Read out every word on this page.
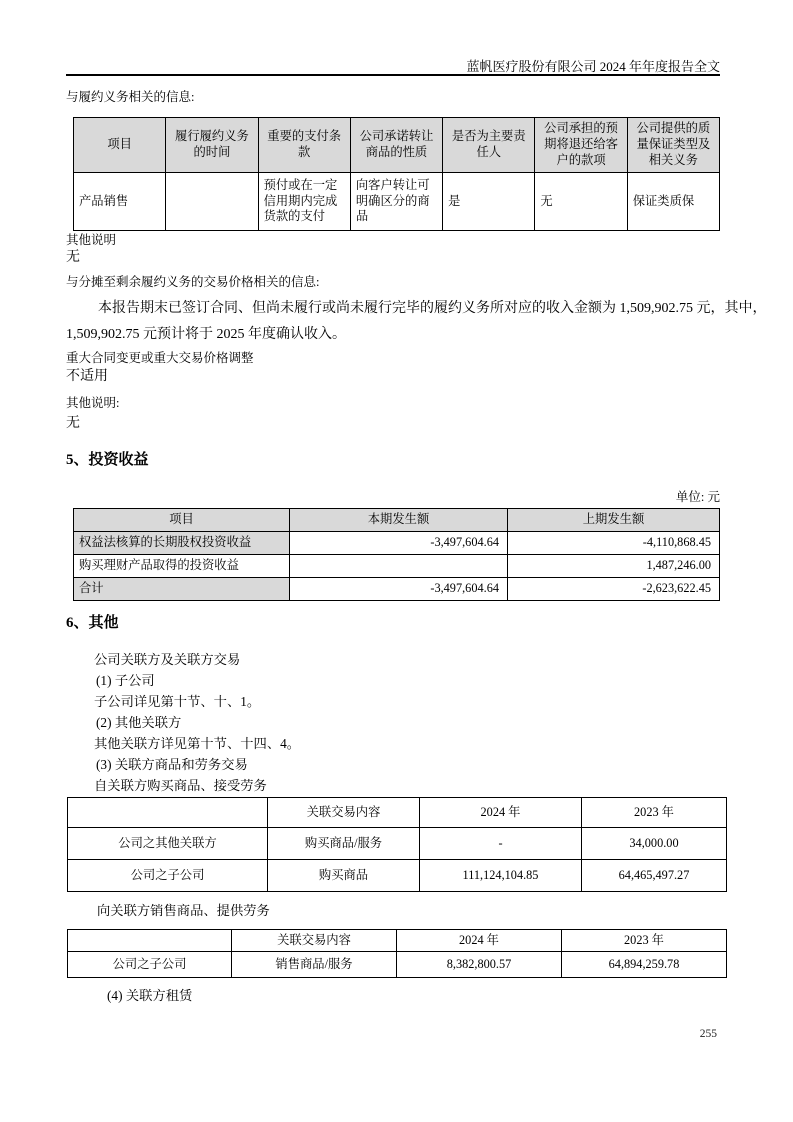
蓝帆医疗股份有限公司 2024 年年度报告全文
与履约义务相关的信息:
项目	履行履约义务的时间	重要的支付条款	公司承诺转让商品的性质	是否为主要责任人	公司承担的预期将退还给客户的款项	公司提供的质量保证类型及相关义务
产品销售		预付或在一定信用期内完成货款的支付	向客户转让可明确区分的商品	是	无	保证类质保
其他说明
无
与分摊至剩余履约义务的交易价格相关的信息:
本报告期末已签订合同、但尚未履行或尚未履行完毕的履约义务所对应的收入金额为 1,509,902.75 元，其中，
1,509,902.75 元预计将于 2025 年度确认收入。
重大合同变更或重大交易价格调整
不适用
其他说明:
无
5、投资收益
单位: 元
项目	本期发生额	上期发生额
权益法核算的长期股权投资收益	-3,497,604.64	-4,110,868.45
购买理财产品取得的投资收益		1,487,246.00
合计	-3,497,604.64	-2,623,622.45
6、其他
公司关联方及关联方交易
(1) 子公司
子公司详见第十节、十、1。
(2) 其他关联方
其他关联方详见第十节、十四、4。
(3) 关联方商品和劳务交易
自关联方购买商品、接受劳务
	关联交易内容	2024 年	2023 年
公司之其他关联方	购买商品/服务	-	34,000.00
公司之子公司	购买商品	111,124,104.85	64,465,497.27
向关联方销售商品、提供劳务
	关联交易内容	2024 年	2023 年
公司之子公司	销售商品/服务	8,382,800.57	64,894,259.78
(4) 关联方租赁
255
